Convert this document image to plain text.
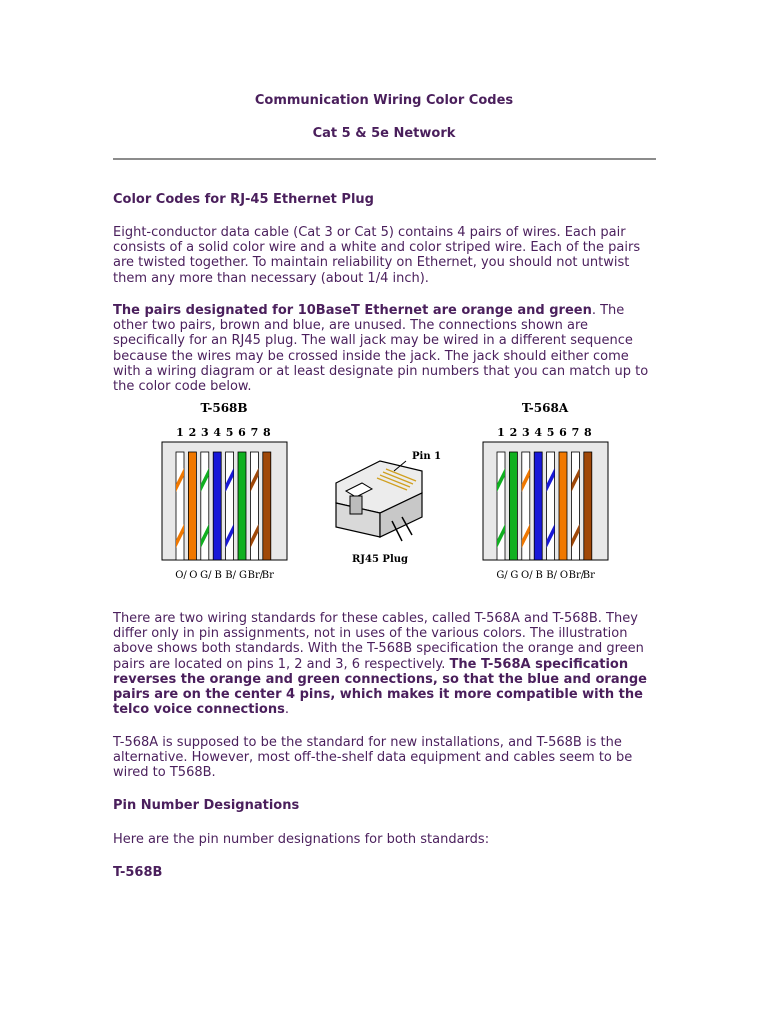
Communication Wiring Color Codes
Cat 5 & 5e Network
Color Codes for RJ-45 Ethernet Plug
Eight-conductor data cable (Cat 3 or Cat 5) contains 4 pairs of wires. Each pair consists of a solid color wire and a white and color striped wire. Each of the pairs are twisted together. To maintain reliability on Ethernet, you should not untwist them any more than necessary (about 1/4 inch).
The pairs designated for 10BaseT Ethernet are orange and green. The other two pairs, brown and blue, are unused. The connections shown are specifically for an RJ45 plug. The wall jack may be wired in a different sequence because the wires may be crossed inside the jack. The jack should either come with a wiring diagram or at least designate pin numbers that you can match up to the color code below.
T-568B	T-568A
1
O/
2
O
3
G/
4
B
5
B/
6
G
7
Br/
8
Br
1
G/
2
G
3
O/
4
B
5
B/
6
O
7
Br/
8
Br
Pin 1
RJ45 Plug
There are two wiring standards for these cables, called T-568A and T-568B. They differ only in pin assignments, not in uses of the various colors. The illustration above shows both standards. With the T-568B specification the orange and green pairs are located on pins 1, 2 and 3, 6 respectively. The T-568A specification reverses the orange and green connections, so that the blue and orange pairs are on the center 4 pins, which makes it more compatible with the telco voice connections.
T-568A is supposed to be the standard for new installations, and T-568B is the alternative. However, most off-the-shelf data equipment and cables seem to be wired to T568B.
Pin Number Designations
Here are the pin number designations for both standards:
T-568B
